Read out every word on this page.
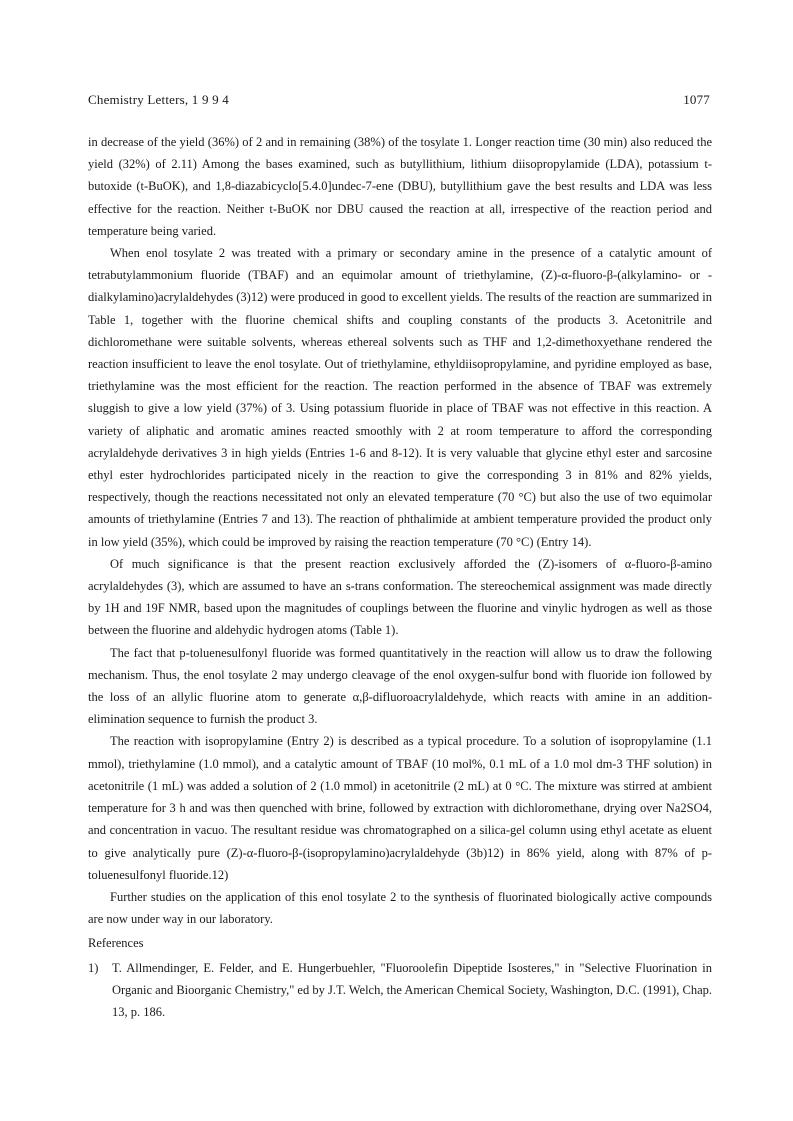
Chemistry Letters, 1 9 9 4	1077

in decrease of the yield (36%) of 2 and in remaining (38%) of the tosylate 1. Longer reaction time (30 min) also reduced the yield (32%) of 2.11) Among the bases examined, such as butyllithium, lithium diisopropylamide (LDA), potassium t-butoxide (t-BuOK), and 1,8-diazabicyclo[5.4.0]undec-7-ene (DBU), butyllithium gave the best results and LDA was less effective for the reaction. Neither t-BuOK nor DBU caused the reaction at all, irrespective of the reaction period and temperature being varied.

When enol tosylate 2 was treated with a primary or secondary amine in the presence of a catalytic amount of tetrabutylammonium fluoride (TBAF) and an equimolar amount of triethylamine, (Z)-α-fluoro-β-(alkylamino- or -dialkylamino)acrylaldehydes (3)12) were produced in good to excellent yields. The results of the reaction are summarized in Table 1, together with the fluorine chemical shifts and coupling constants of the products 3. Acetonitrile and dichloromethane were suitable solvents, whereas ethereal solvents such as THF and 1,2-dimethoxyethane rendered the reaction insufficient to leave the enol tosylate. Out of triethylamine, ethyldiisopropylamine, and pyridine employed as base, triethylamine was the most efficient for the reaction. The reaction performed in the absence of TBAF was extremely sluggish to give a low yield (37%) of 3. Using potassium fluoride in place of TBAF was not effective in this reaction. A variety of aliphatic and aromatic amines reacted smoothly with 2 at room temperature to afford the corresponding acrylaldehyde derivatives 3 in high yields (Entries 1-6 and 8-12). It is very valuable that glycine ethyl ester and sarcosine ethyl ester hydrochlorides participated nicely in the reaction to give the corresponding 3 in 81% and 82% yields, respectively, though the reactions necessitated not only an elevated temperature (70 °C) but also the use of two equimolar amounts of triethylamine (Entries 7 and 13). The reaction of phthalimide at ambient temperature provided the product only in low yield (35%), which could be improved by raising the reaction temperature (70 °C) (Entry 14).

Of much significance is that the present reaction exclusively afforded the (Z)-isomers of α-fluoro-β-amino acrylaldehydes (3), which are assumed to have an s-trans conformation. The stereochemical assignment was made directly by 1H and 19F NMR, based upon the magnitudes of couplings between the fluorine and vinylic hydrogen as well as those between the fluorine and aldehydic hydrogen atoms (Table 1).

The fact that p-toluenesulfonyl fluoride was formed quantitatively in the reaction will allow us to draw the following mechanism. Thus, the enol tosylate 2 may undergo cleavage of the enol oxygen-sulfur bond with fluoride ion followed by the loss of an allylic fluorine atom to generate α,β-difluoroacrylaldehyde, which reacts with amine in an addition-elimination sequence to furnish the product 3.

The reaction with isopropylamine (Entry 2) is described as a typical procedure. To a solution of isopropylamine (1.1 mmol), triethylamine (1.0 mmol), and a catalytic amount of TBAF (10 mol%, 0.1 mL of a 1.0 mol dm-3 THF solution) in acetonitrile (1 mL) was added a solution of 2 (1.0 mmol) in acetonitrile (2 mL) at 0 °C. The mixture was stirred at ambient temperature for 3 h and was then quenched with brine, followed by extraction with dichloromethane, drying over Na2SO4, and concentration in vacuo. The resultant residue was chromatographed on a silica-gel column using ethyl acetate as eluent to give analytically pure (Z)-α-fluoro-β-(isopropylamino)acrylaldehyde (3b)12) in 86% yield, along with 87% of p-toluenesulfonyl fluoride.12)

Further studies on the application of this enol tosylate 2 to the synthesis of fluorinated biologically active compounds are now under way in our laboratory.

References
1)	T. Allmendinger, E. Felder, and E. Hungerbuehler, "Fluoroolefin Dipeptide Isosteres," in "Selective Fluorination in Organic and Bioorganic Chemistry," ed by J.T. Welch, the American Chemical Society, Washington, D.C. (1991), Chap. 13, p. 186.
